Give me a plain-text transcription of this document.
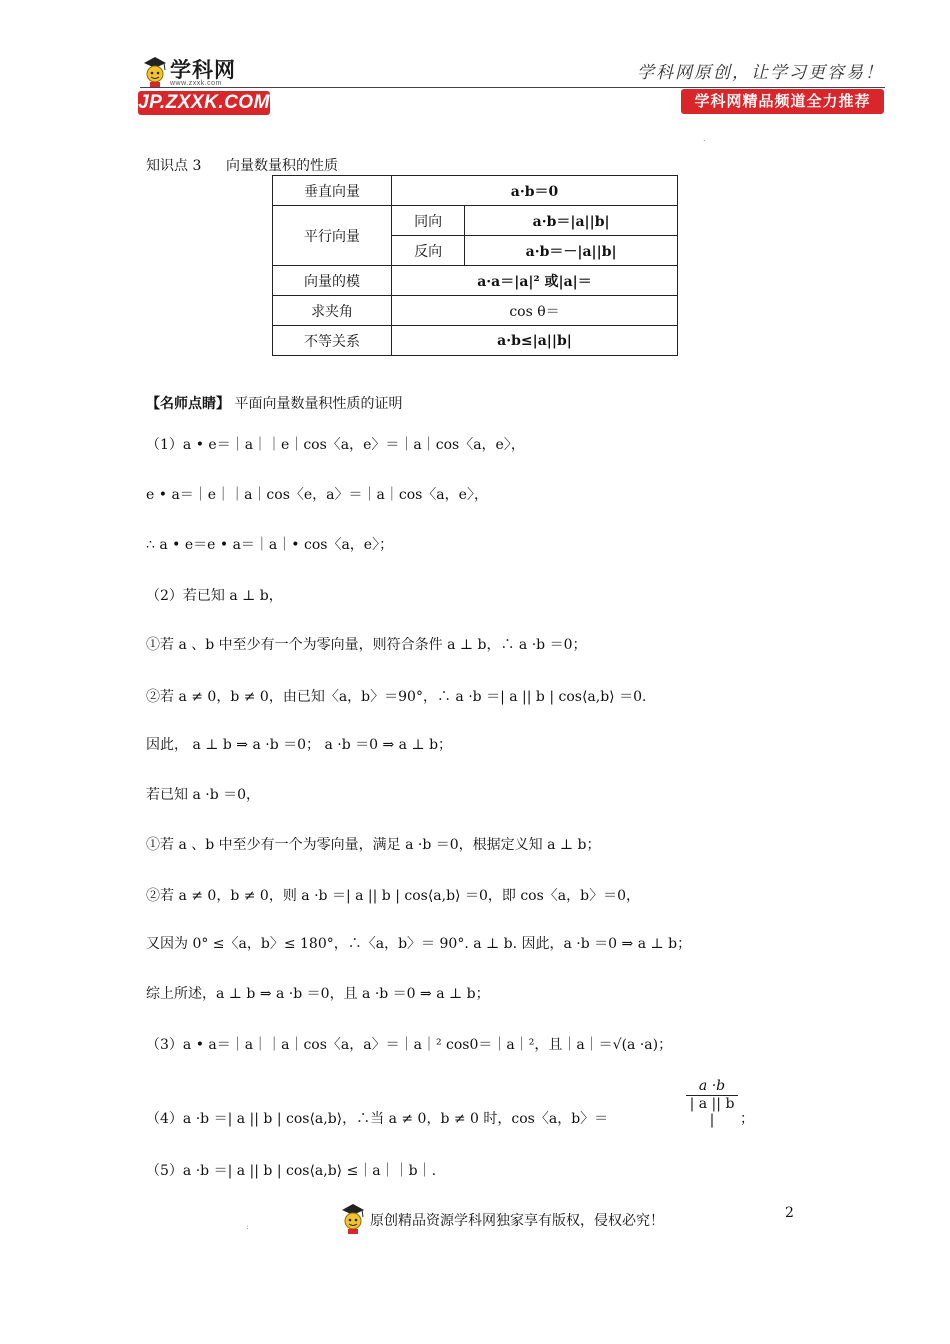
学科网
www.zxxk.com
JP.ZXXK.COM
学科网原创，让学习更容易！
学科网精品频道全力推荐
.
知识点 3 向量数量积的性质
垂直向量	a·b＝0	
平行向量	同向	a·b＝|a||b|
	反向	a·b＝－|a||b|
向量的模	a·a＝|a|² 或|a|＝	
求夹角	cos θ＝	
不等关系	a·b≤|a||b|	
【名师点睛】 平面向量数量积性质的证明
（1）a • e＝｜a｜｜e｜cos〈a，e〉＝｜a｜cos〈a，e〉，
e • a＝｜e｜｜a｜cos〈e，a〉＝｜a｜cos〈a，e〉，
∴ a • e＝e • a＝｜a｜• cos〈a，e〉；
（2）若已知 a ⊥ b，
①若 a 、b 中至少有一个为零向量，则符合条件 a ⊥ b，∴ a ·b ＝0；
②若 a ≠ 0，b ≠ 0，由已知〈a，b〉＝90°，∴ a ·b ＝| a || b | cos⟨a,b⟩ ＝0.
因此， a ⊥ b ⇒ a ·b ＝0； a ·b ＝0 ⇒ a ⊥ b；
若已知 a ·b ＝0，
①若 a 、b 中至少有一个为零向量，满足 a ·b ＝0，根据定义知 a ⊥ b；
②若 a ≠ 0，b ≠ 0，则 a ·b ＝| a || b | cos⟨a,b⟩ ＝0，即 cos〈a，b〉＝0，
又因为 0° ≤〈a，b〉≤ 180°，∴〈a，b〉＝ 90°. a ⊥ b. 因此，a ·b ＝0 ⇒ a ⊥ b；
综上所述，a ⊥ b ⇒ a ·b ＝0，且 a ·b ＝0 ⇒ a ⊥ b；
（3）a • a＝｜a｜｜a｜cos〈a，a〉＝｜a｜² cos0＝｜a｜²，且｜a｜＝√(a ·a)；
（4）a ·b ＝| a || b | cos⟨a,b⟩，∴当 a ≠ 0，b ≠ 0 时，cos〈a，b〉＝	$\frac{a \cdot b}{| a || b |}$ ；
（5）a ·b ＝| a || b | cos⟨a,b⟩ ≤｜a｜｜b｜.
:	原创精品资源学科网独家享有版权，侵权必究！	2
